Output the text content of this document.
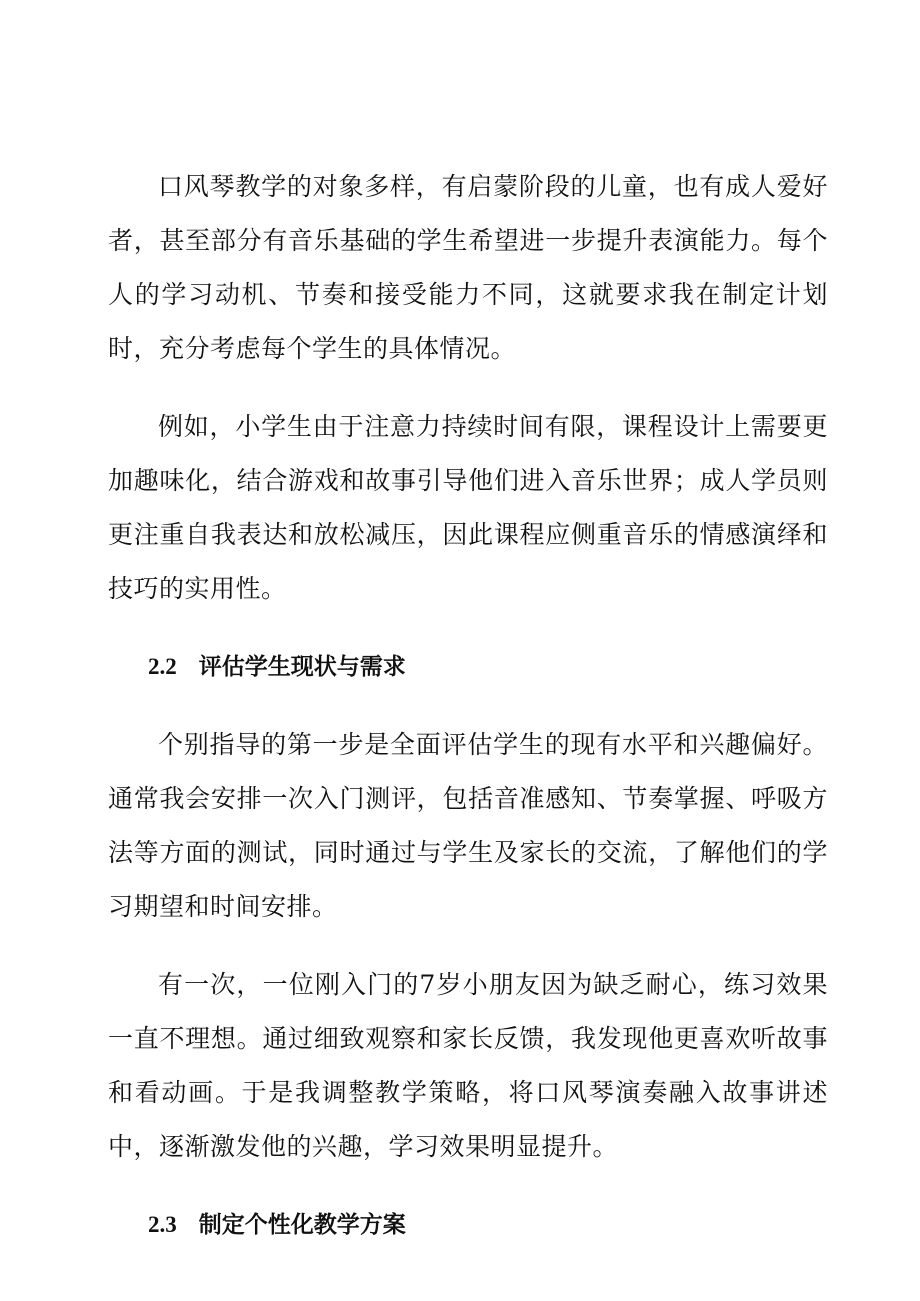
口风琴教学的对象多样，有启蒙阶段的儿童，也有成人爱好者，甚至部分有音乐基础的学生希望进一步提升表演能力。每个人的学习动机、节奏和接受能力不同，这就要求我在制定计划时，充分考虑每个学生的具体情况。

例如，小学生由于注意力持续时间有限，课程设计上需要更加趣味化，结合游戏和故事引导他们进入音乐世界；成人学员则更注重自我表达和放松减压，因此课程应侧重音乐的情感演绎和技巧的实用性。

2.2 评估学生现状与需求

个别指导的第一步是全面评估学生的现有水平和兴趣偏好。通常我会安排一次入门测评，包括音准感知、节奏掌握、呼吸方法等方面的测试，同时通过与学生及家长的交流，了解他们的学习期望和时间安排。

有一次，一位刚入门的7岁小朋友因为缺乏耐心，练习效果一直不理想。通过细致观察和家长反馈，我发现他更喜欢听故事和看动画。于是我调整教学策略，将口风琴演奏融入故事讲述中，逐渐激发他的兴趣，学习效果明显提升。

2.3 制定个性化教学方案
